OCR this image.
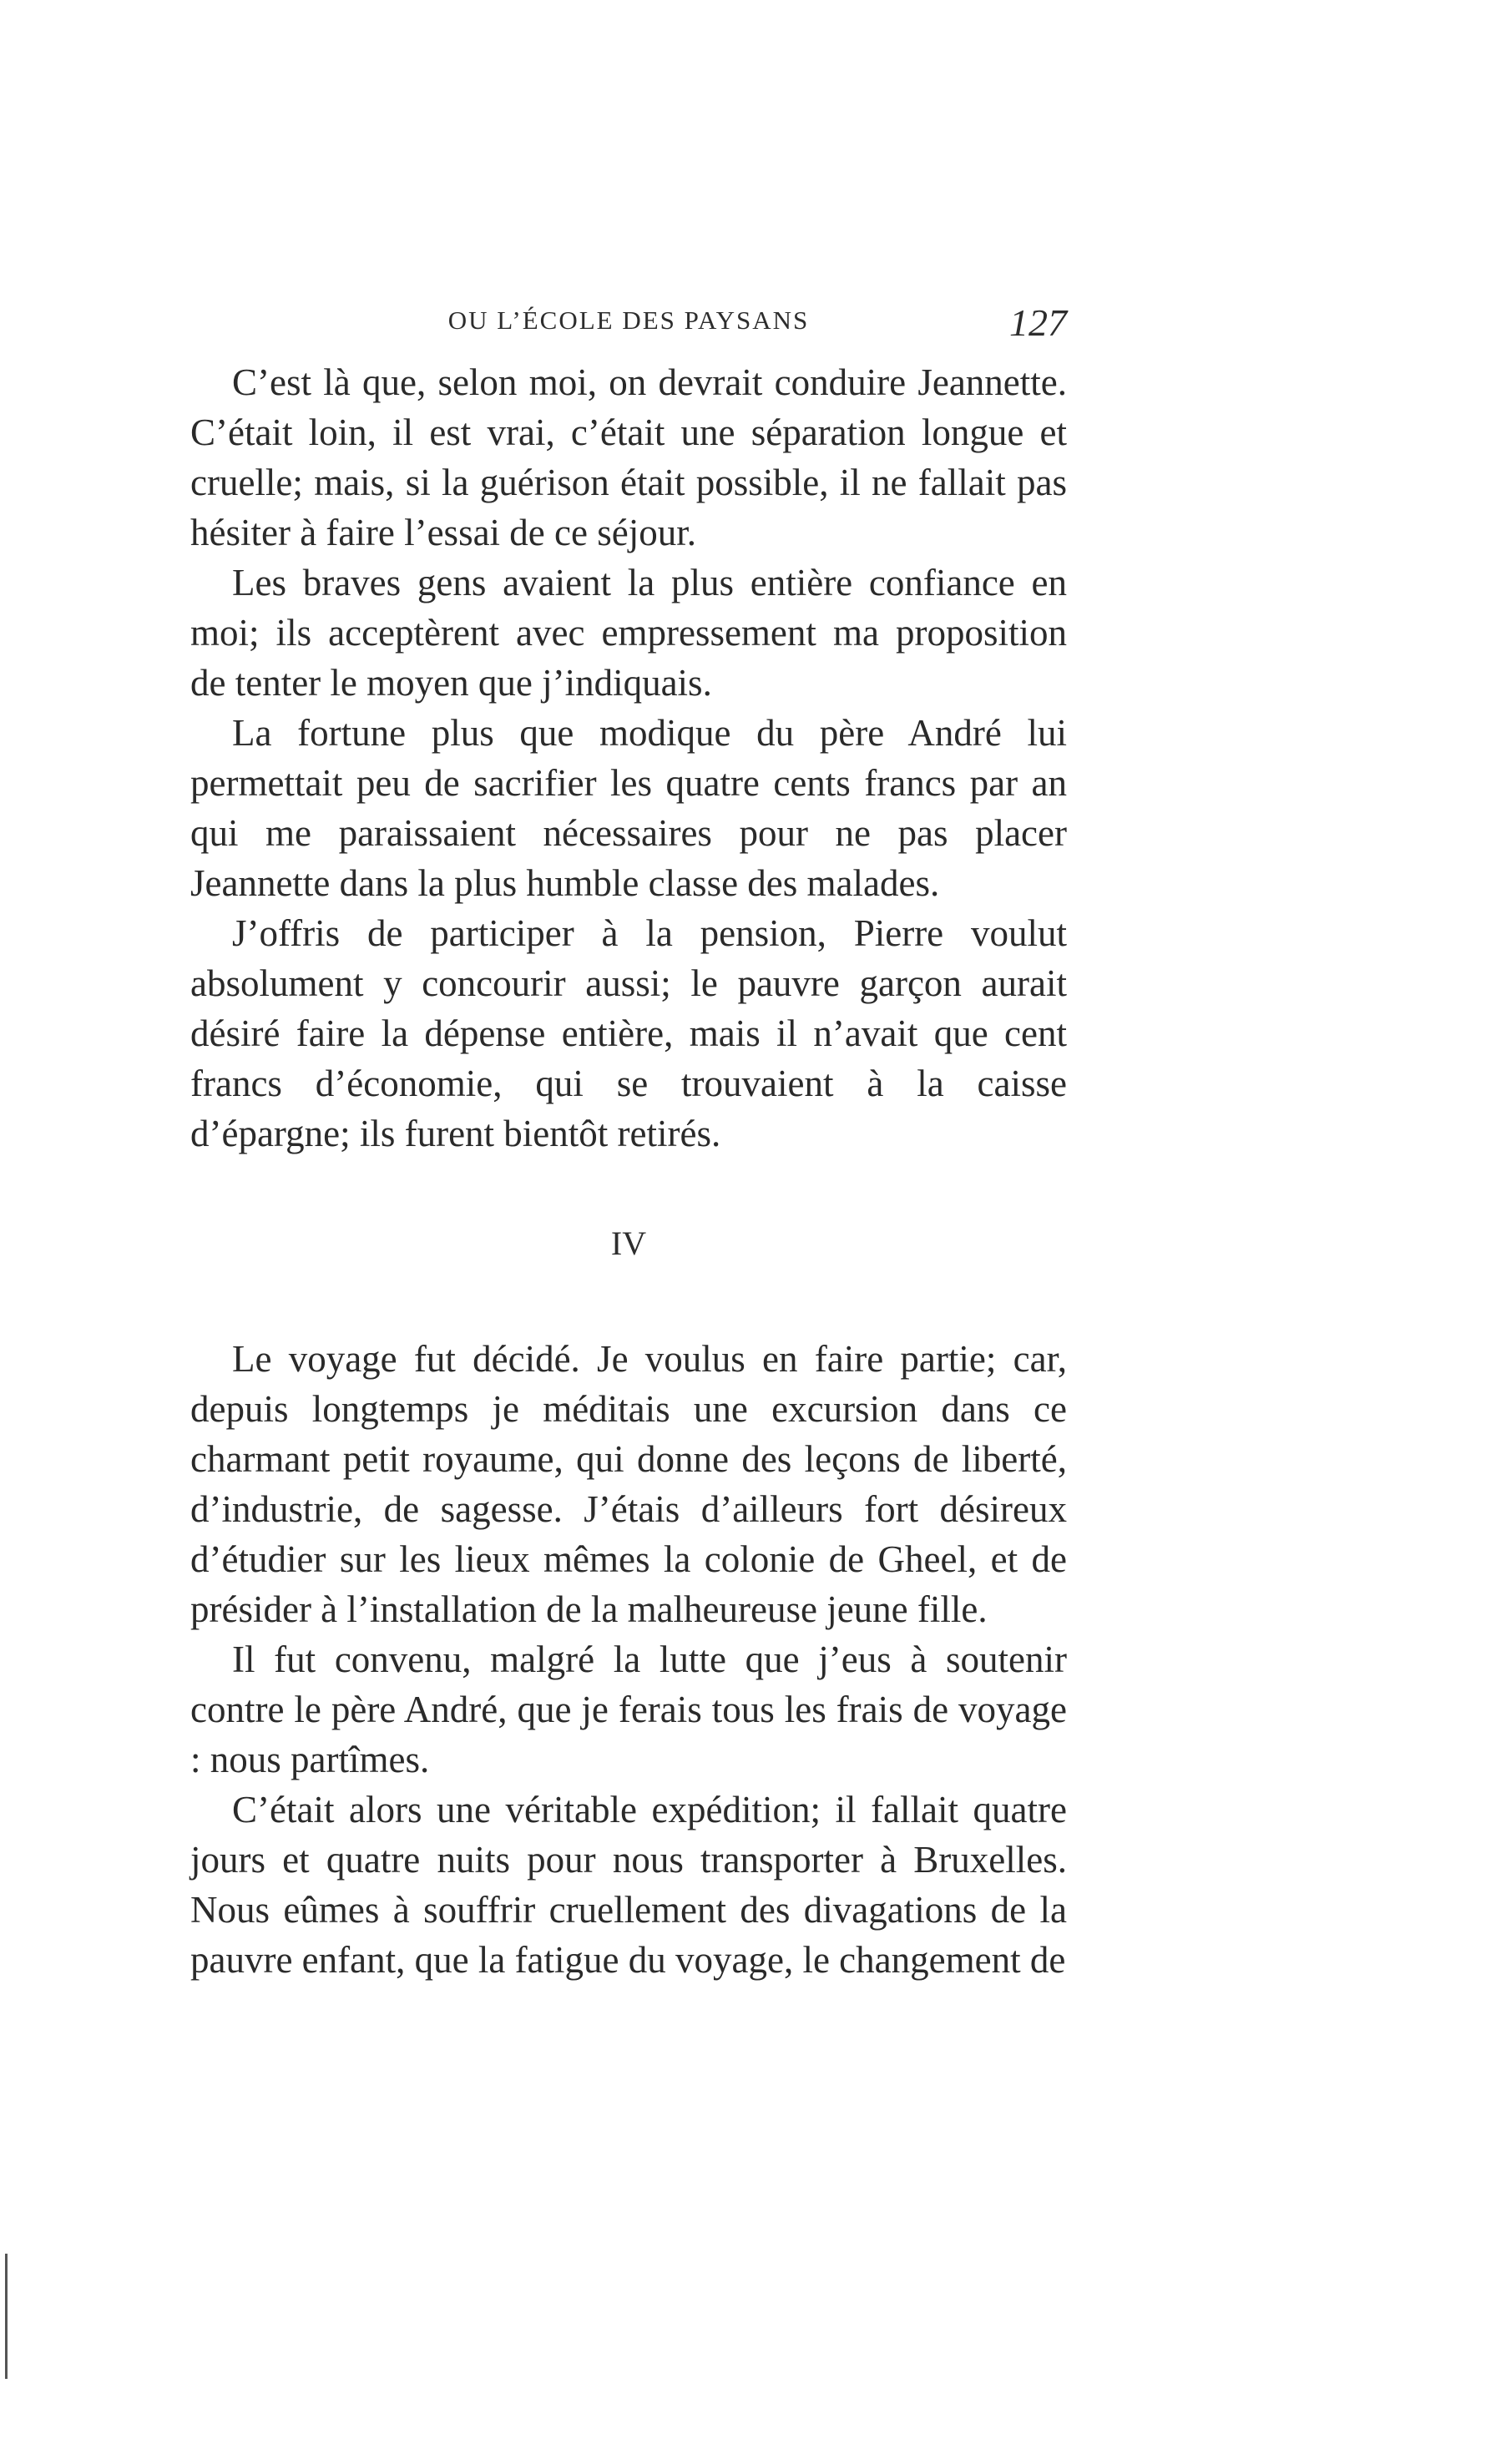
OU L’ÉCOLE DES PAYSANS	127

C’est là que, selon moi, on devrait conduire Jeannette. C’était loin, il est vrai, c’était une séparation longue et cruelle; mais, si la guérison était possible, il ne fallait pas hésiter à faire l’essai de ce séjour.

Les braves gens avaient la plus entière confiance en moi; ils acceptèrent avec empressement ma proposition de tenter le moyen que j’indiquais.

La fortune plus que modique du père André lui permettait peu de sacrifier les quatre cents francs par an qui me paraissaient nécessaires pour ne pas placer Jeannette dans la plus humble classe des malades.

J’offris de participer à la pension, Pierre voulut absolument y concourir aussi; le pauvre garçon aurait désiré faire la dépense entière, mais il n’avait que cent francs d’économie, qui se trouvaient à la caisse d’épargne; ils furent bientôt retirés.

IV

Le voyage fut décidé. Je voulus en faire partie; car, depuis longtemps je méditais une excursion dans ce charmant petit royaume, qui donne des leçons de liberté, d’industrie, de sagesse. J’étais d’ailleurs fort désireux d’étudier sur les lieux mêmes la colonie de Gheel, et de présider à l’installation de la malheureuse jeune fille.

Il fut convenu, malgré la lutte que j’eus à soutenir contre le père André, que je ferais tous les frais de voyage : nous partîmes.

C’était alors une véritable expédition; il fallait quatre jours et quatre nuits pour nous transporter à Bruxelles. Nous eûmes à souffrir cruellement des divagations de la pauvre enfant, que la fatigue du voyage, le changement de
